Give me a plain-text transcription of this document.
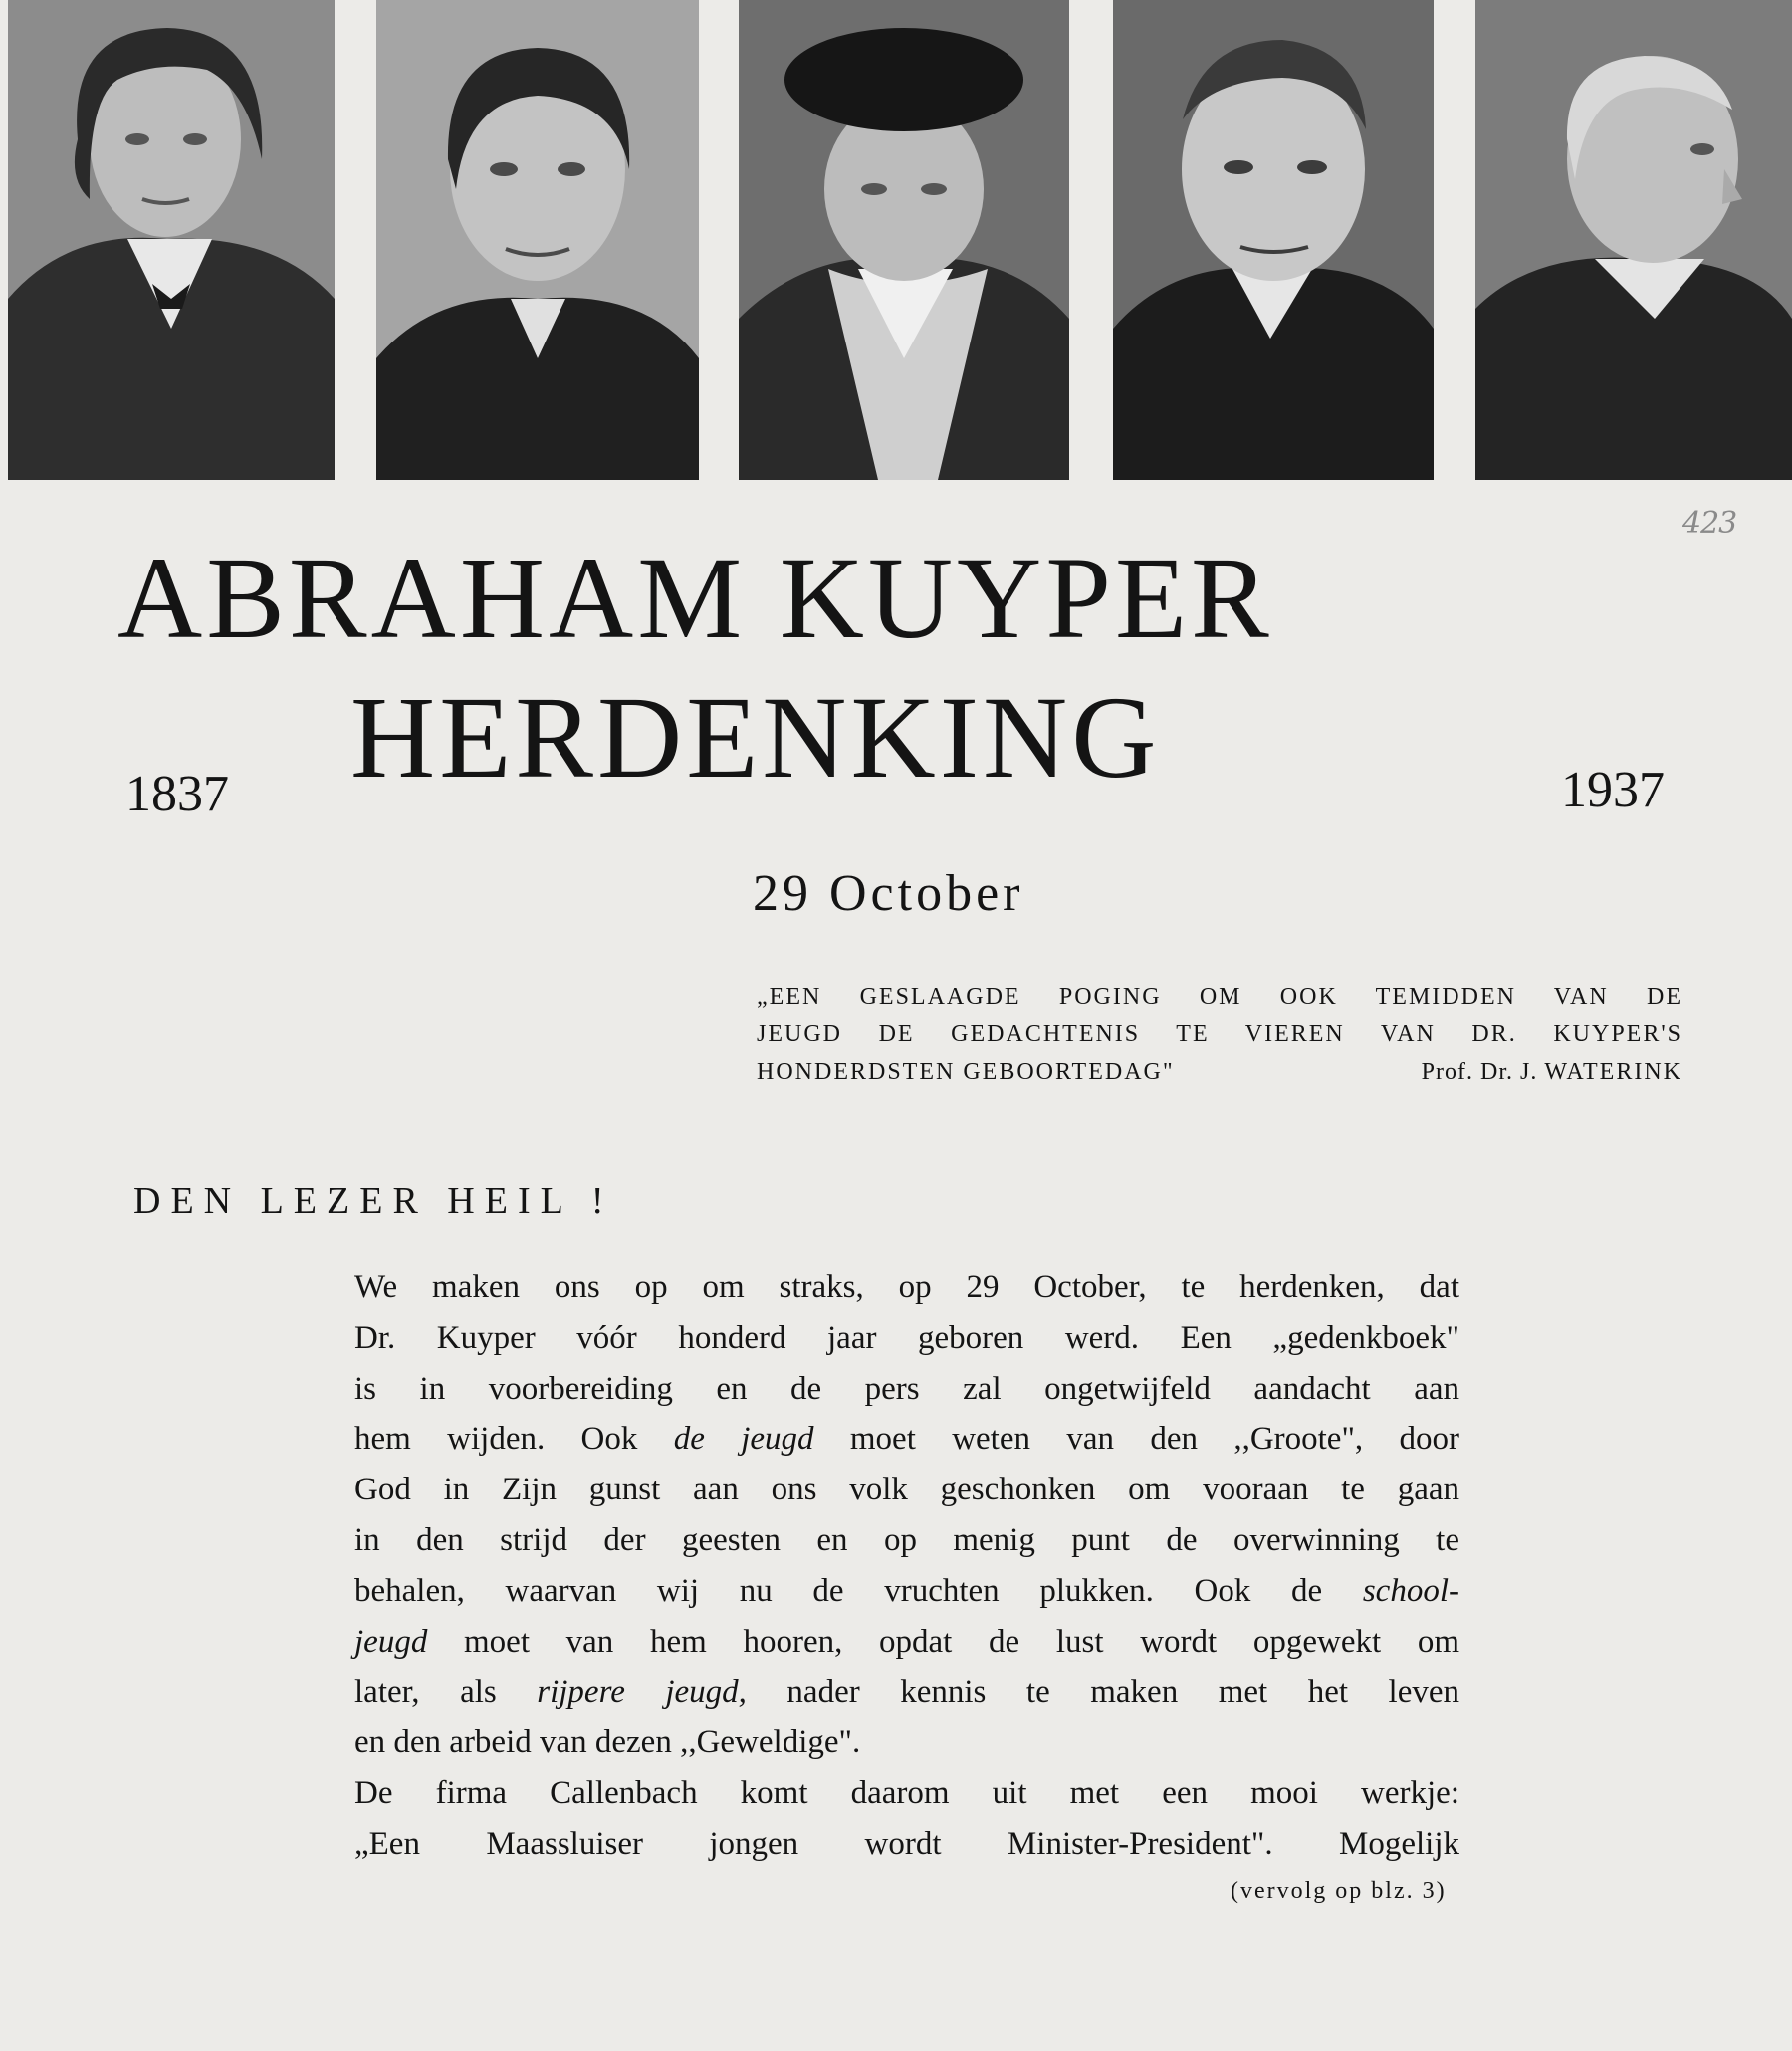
423
ABRAHAM KUYPER
1837 HERDENKING	1937
29 October
„EEN GESLAAGDE POGING OM OOK TEMIDDEN VAN DE
JEUGD DE GEDACHTENIS TE VIEREN VAN DR. KUYPER'S
HONDERDSTEN GEBOORTEDAG"	Prof. Dr. J. WATERINK
DEN LEZER HEIL !
We maken ons op om straks, op 29 October, te herdenken, dat
Dr. Kuyper vóór honderd jaar geboren werd. Een „gedenkboek"
is in voorbereiding en de pers zal ongetwijfeld aandacht aan
hem wijden. Ook de jeugd moet weten van den ,,Groote", door
God in Zijn gunst aan ons volk geschonken om vooraan te gaan
in den strijd der geesten en op menig punt de overwinning te
behalen, waarvan wij nu de vruchten plukken. Ook de school-
jeugd moet van hem hooren, opdat de lust wordt opgewekt om
later, als rijpere jeugd, nader kennis te maken met het leven
en den arbeid van dezen ,,Geweldige".
De firma Callenbach komt daarom uit met een mooi werkje:
„Een Maassluiser jongen wordt Minister-President". Mogelijk
(vervolg op blz. 3)
